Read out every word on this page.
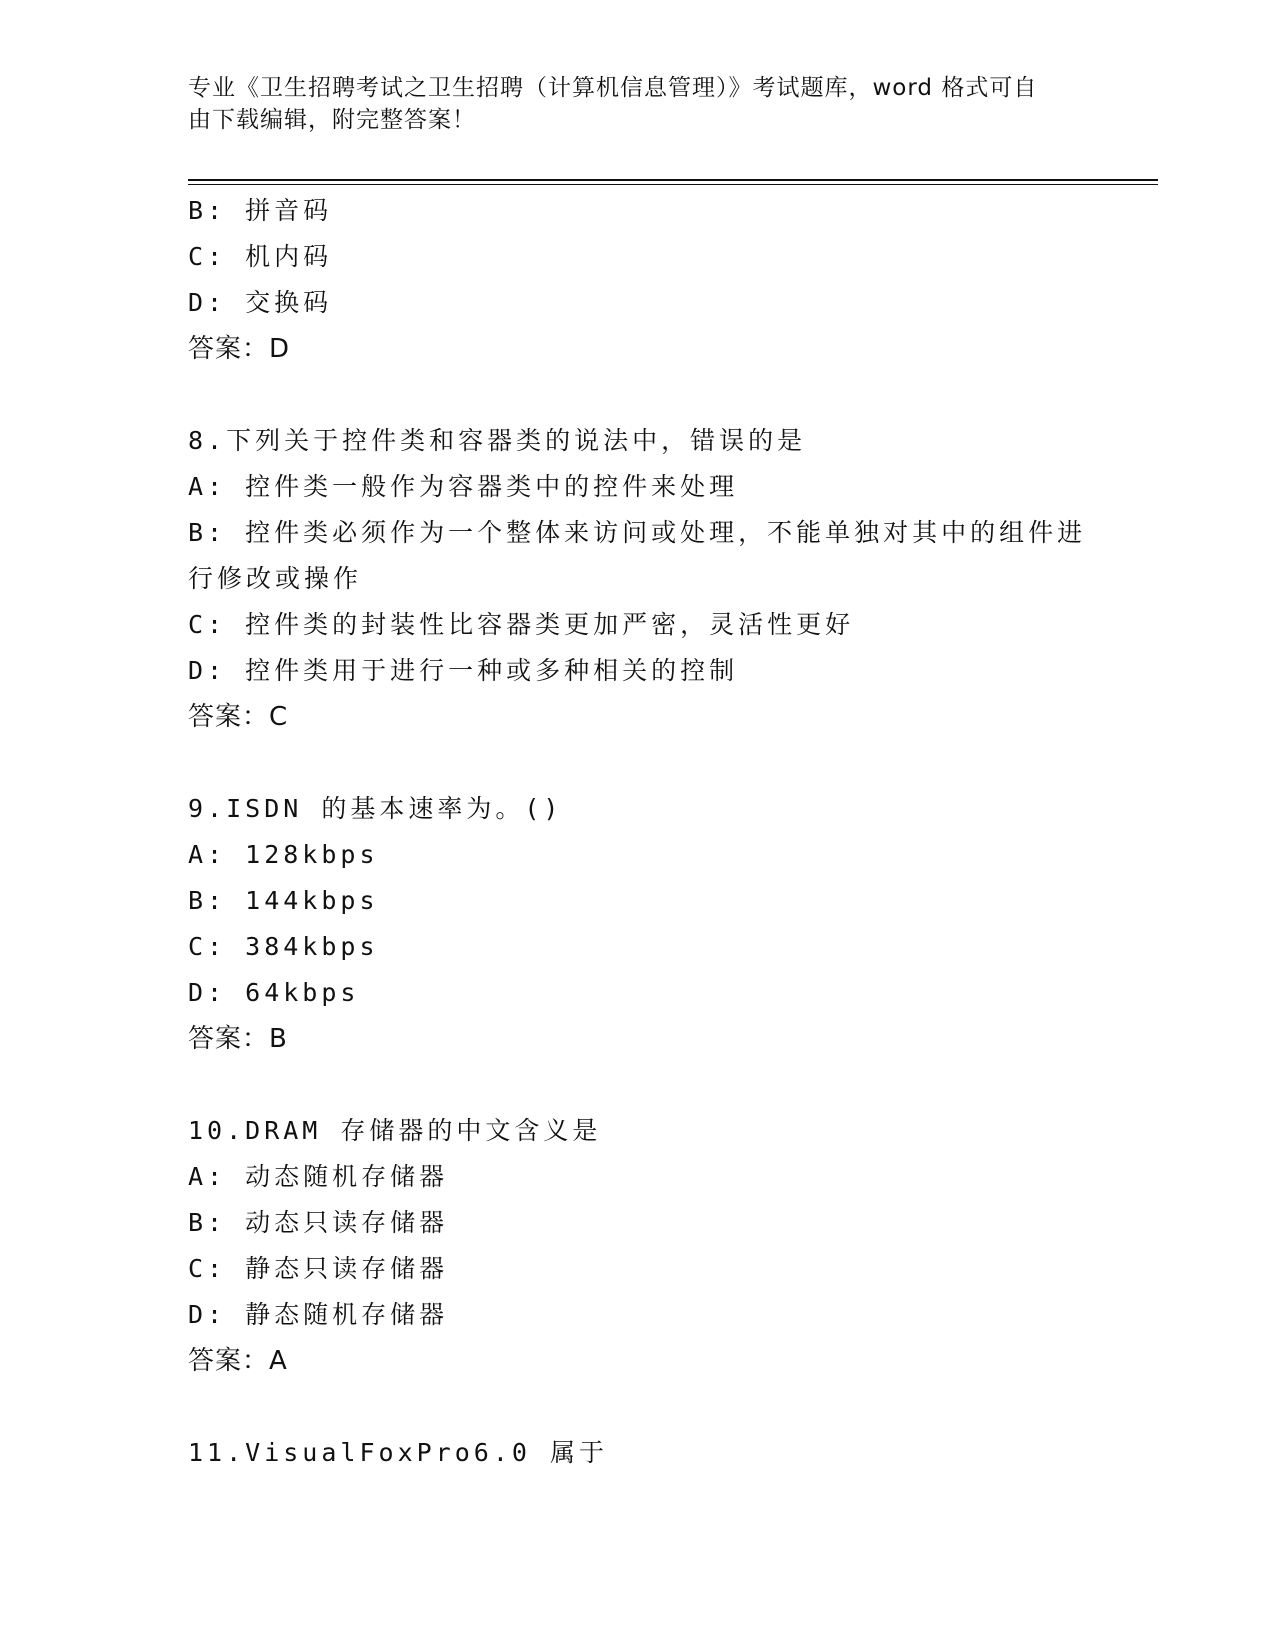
专业《卫生招聘考试之卫生招聘（计算机信息管理）》考试题库，word 格式可自
由下载编辑，附完整答案！
B: 拼音码
C: 机内码
D: 交换码
答案：D
8.下列关于控件类和容器类的说法中，错误的是
A: 控件类一般作为容器类中的控件来处理
B: 控件类必须作为一个整体来访问或处理，不能单独对其中的组件进
行修改或操作
C: 控件类的封装性比容器类更加严密，灵活性更好
D: 控件类用于进行一种或多种相关的控制
答案：C
9.ISDN 的基本速率为。()
A: 128kbps
B: 144kbps
C: 384kbps
D: 64kbps
答案：B
10.DRAM 存储器的中文含义是
A: 动态随机存储器
B: 动态只读存储器
C: 静态只读存储器
D: 静态随机存储器
答案：A
11.VisualFoxPro6.0 属于
